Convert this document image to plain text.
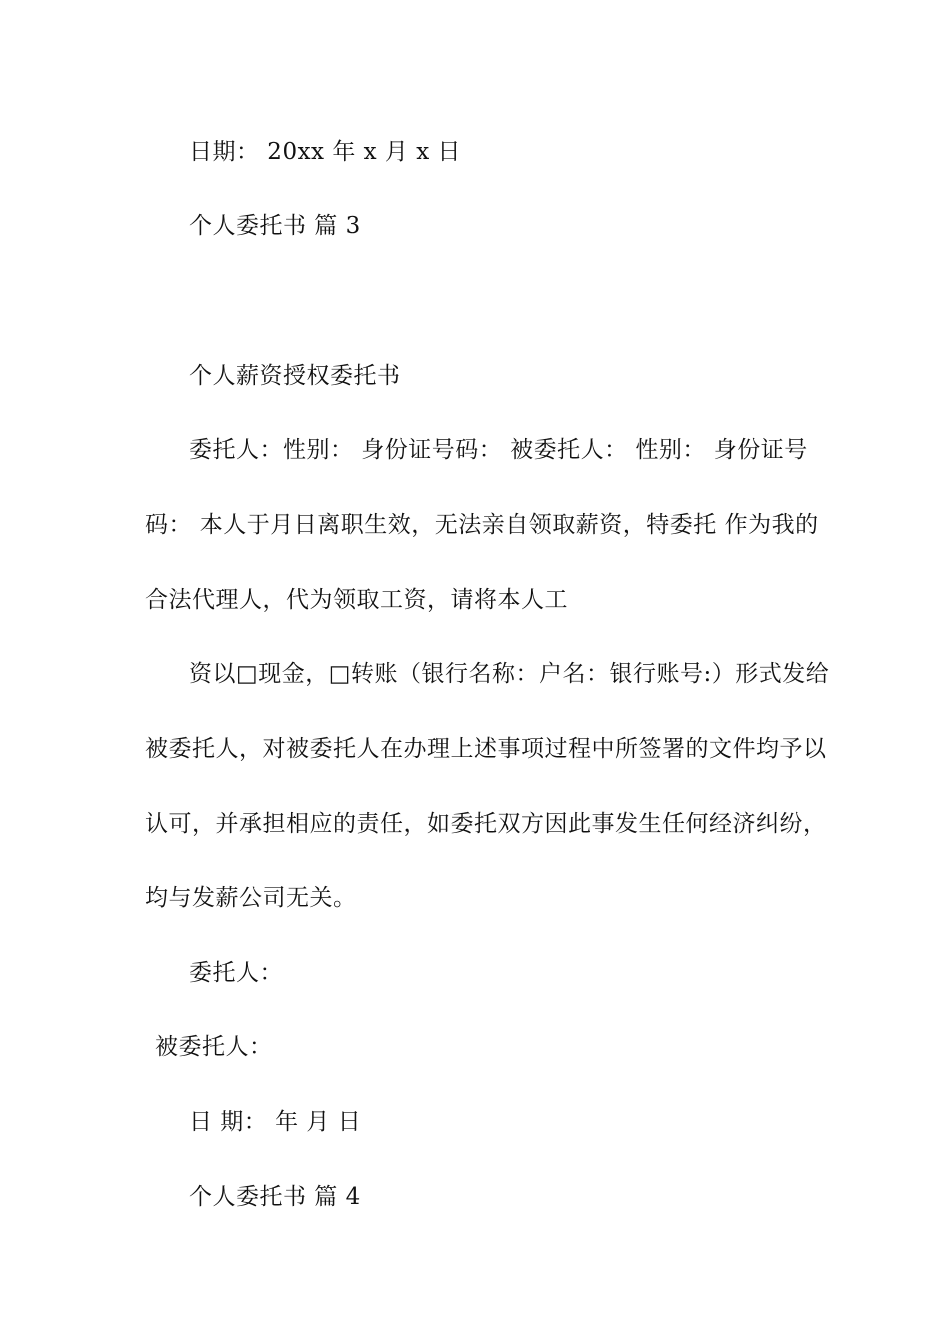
日期： 20xx 年 x 月 x 日
个人委托书 篇 3
个人薪资授权委托书
委托人：性别： 身份证号码： 被委托人： 性别： 身份证号
码： 本人于月日离职生效，无法亲自领取薪资，特委托 作为我的
合法代理人，代为领取工资，请将本人工
资以□现金，□转账（银行名称：户名：银行账号:）形式发给
被委托人，对被委托人在办理上述事项过程中所签署的文件均予以
认可，并承担相应的责任，如委托双方因此事发生任何经济纠纷，
均与发薪公司无关。
委托人：
被委托人：
日 期： 年 月 日
个人委托书 篇 4
